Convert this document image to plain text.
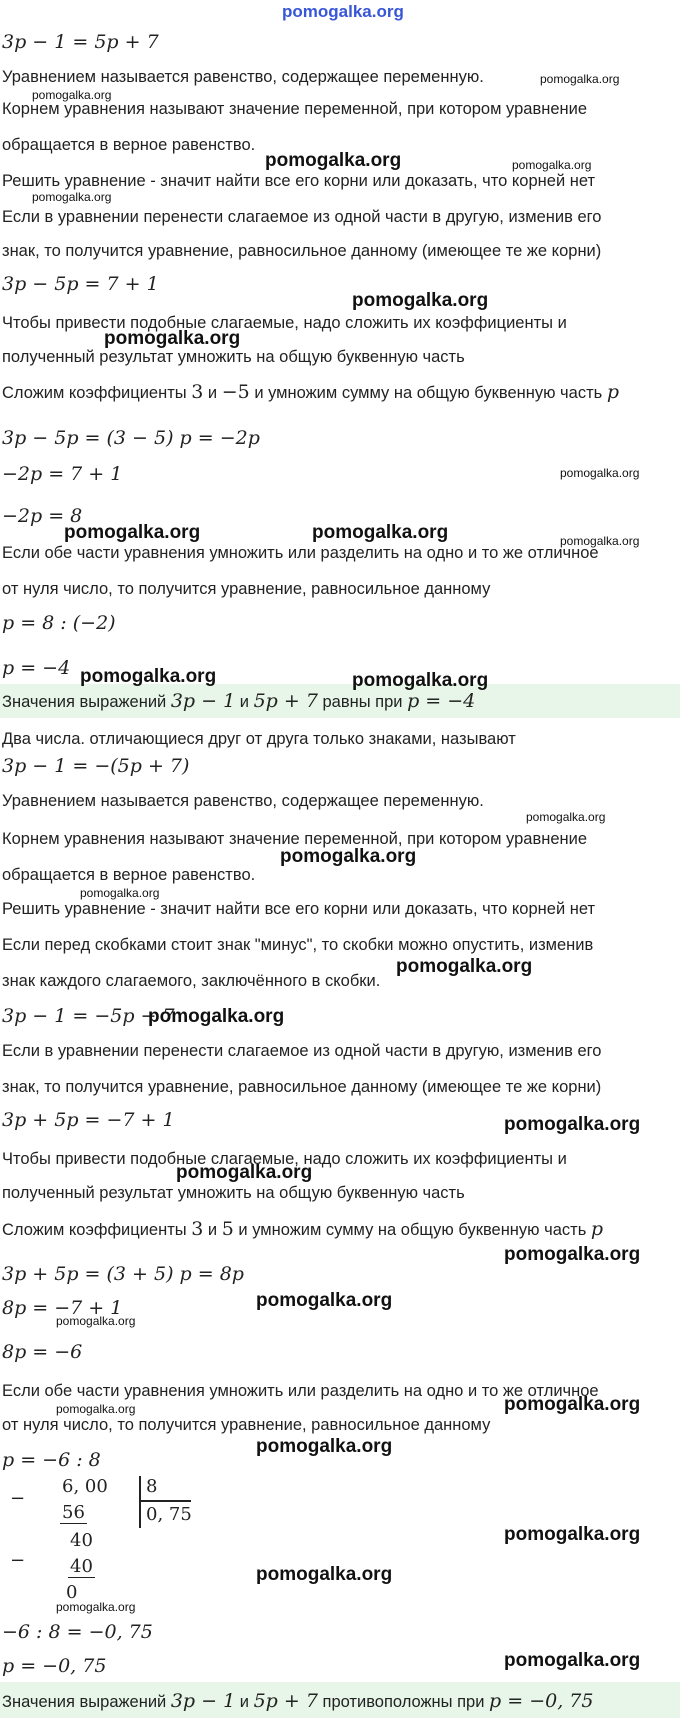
pomogalka.org
3p − 1 = 5p + 7
Уравнением называется равенство, содержащее переменную.
Корнем уравнения называют значение переменной, при котором уравнение
обращается в верное равенство.
Решить уравнение - значит найти все его корни или доказать, что корней нет
Если в уравнении перенести слагаемое из одной части в другую, изменив его
знак, то получится уравнение, равносильное данному (имеющее те же корни)
3p − 5p = 7 + 1
Чтобы привести подобные слагаемые, надо сложить их коэффициенты и
полученный результат умножить на общую буквенную часть
Сложим коэффициенты 3 и −5 и умножим сумму на общую буквенную часть p
3p − 5p = (3 − 5) p = −2p
−2p = 7 + 1
−2p = 8
Если обе части уравнения умножить или разделить на одно и то же отличное
от нуля число, то получится уравнение, равносильное данному
p = 8 : (−2)
p = −4
Значения выражений 3p − 1 и 5p + 7 равны при p = −4
Два числа. отличающиеся друг от друга только знаками, называют
3p − 1 = −(5p + 7)
Уравнением называется равенство, содержащее переменную.
Корнем уравнения называют значение переменной, при котором уравнение
обращается в верное равенство.
Решить уравнение - значит найти все его корни или доказать, что корней нет
Если перед скобками стоит знак "минус", то скобки можно опустить, изменив
знак каждого слагаемого, заключённого в скобки.
3p − 1 = −5p − 7
Если в уравнении перенести слагаемое из одной части в другую, изменив его
знак, то получится уравнение, равносильное данному (имеющее те же корни)
3p + 5p = −7 + 1
Чтобы привести подобные слагаемые, надо сложить их коэффициенты и
полученный результат умножить на общую буквенную часть
Сложим коэффициенты 3 и 5 и умножим сумму на общую буквенную часть p
3p + 5p = (3 + 5) p = 8p
8p = −7 + 1
8p = −6
Если обе части уравнения умножить или разделить на одно и то же отличное
от нуля число, то получится уравнение, равносильное данному
p = −6 : 8
−
6, 00
56
40
− 40
0
8
0, 75
−6 : 8 = −0, 75
p = −0, 75
Значения выражений 3p − 1 и 5p + 7 противоположны при p = −0, 75
pomogalka.org
pomogalka.org
pomogalka.org	pomogalka.org
pomogalka.org
pomogalka.org
pomogalka.org
pomogalka.org
pomogalka.org	pomogalka.org	pomogalka.org
pomogalka.org	pomogalka.org
pomogalka.org
pomogalka.org
pomogalka.org
pomogalka.org
pomogalka.org
pomogalka.org
pomogalka.org
pomogalka.org
pomogalka.org
pomogalka.org
pomogalka.org
pomogalka.org
pomogalka.org
pomogalka.org
pomogalka.org
pomogalka.org
pomogalka.org
